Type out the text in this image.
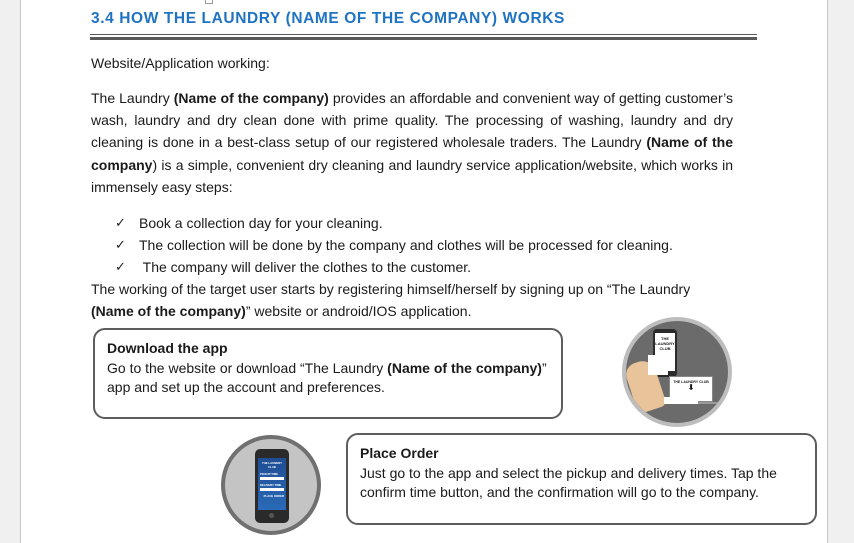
3.4 HOW THE LAUNDRY (NAME OF THE COMPANY) WORKS
Website/Application working:
The Laundry (Name of the company) provides an affordable and convenient way of getting customer’s wash, laundry and dry clean done with prime quality. The processing of washing, laundry and dry cleaning is done in a best-class setup of our registered wholesale traders. The Laundry (Name of the company) is a simple, convenient dry cleaning and laundry service application/website, which works in immensely easy steps:
✓ Book a collection day for your cleaning.
✓ The collection will be done by the company and clothes will be processed for cleaning.
✓ The company will deliver the clothes to the customer.
The working of the target user starts by registering himself/herself by signing up on “The Laundry (Name of the company)” website or android/IOS application.
Download the app
Go to the website or download “The Laundry (Name of the company)” app and set up the account and preferences.
THE LAUNDRY CLUB
THE LAUNDRY CLUB
⬇
THE LAUNDRY CLUB
PICKUP TIME
DELIVERY TIME
PLACE ORDER
Place Order
Just go to the app and select the pickup and delivery times. Tap the confirm time button, and the confirmation will go to the company.
